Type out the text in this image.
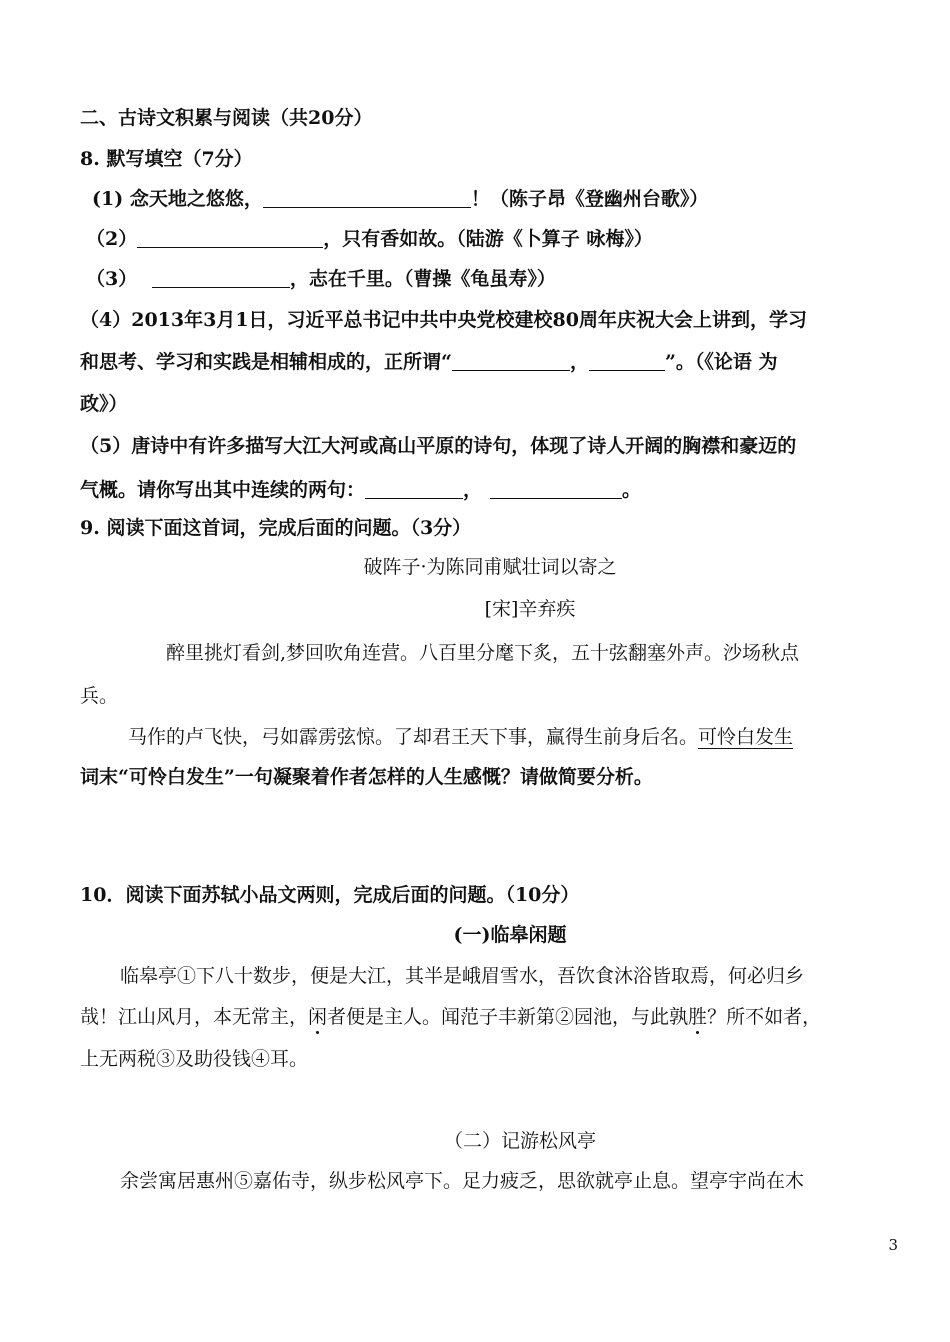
二、古诗文积累与阅读（共20分）
8. 默写填空（7分）
(1) 念天地之悠悠，	！（陈子昂《登幽州台歌》）
（2）	，只有香如故。（陆游《卜算子 咏梅》）
（3）	，志在千里。（曹操《龟虽寿》）
（4）2013年3月1日，习近平总书记中共中央党校建校80周年庆祝大会上讲到，学习
和思考、学习和实践是相辅相成的，正所谓“	，	”。（《论语 为
政》）
（5）唐诗中有许多描写大江大河或高山平原的诗句，体现了诗人开阔的胸襟和豪迈的
气概。请你写出其中连续的两句：	，	。
9. 阅读下面这首词，完成后面的问题。（3分）
破阵子·为陈同甫赋壮词以寄之
[宋]辛弃疾
醉里挑灯看剑,梦回吹角连营。八百里分麾下炙，五十弦翻塞外声。沙场秋点
兵。
马作的卢飞快，弓如霹雳弦惊。了却君王天下事，赢得生前身后名。可怜白发生
词末“可怜白发生”一句凝聚着作者怎样的人生感慨？请做简要分析。
10．阅读下面苏轼小品文两则，完成后面的问题。（10分）
(一)临皋闲题
临皋亭①下八十数步，便是大江，其半是峨眉雪水，吾饮食沐浴皆取焉，何必归乡
哉！江山风月，本无常主，闲者便是主人。闻范子丰新第②园池，与此孰胜？所不如者，
上无两税③及助役钱④耳。
（二）记游松风亭
余尝寓居惠州⑤嘉佑寺，纵步松风亭下。足力疲乏，思欲就亭止息。望亭宇尚在木
3
